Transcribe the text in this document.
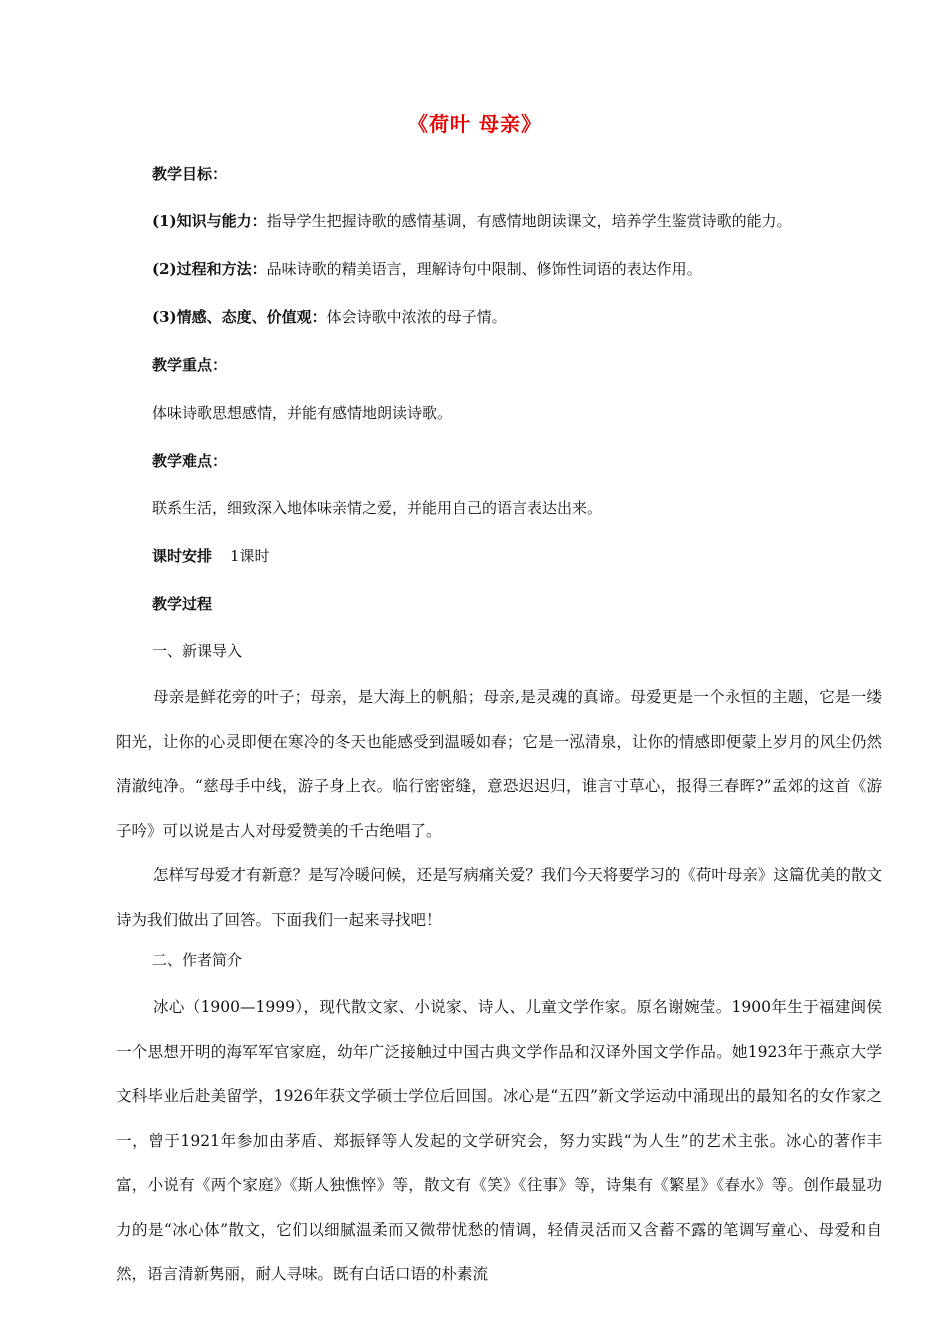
《荷叶 母亲》
教学目标：
(1)知识与能力：指导学生把握诗歌的感情基调，有感情地朗读课文，培养学生鉴赏诗歌的能力。
(2)过程和方法：品味诗歌的精美语言，理解诗句中限制、修饰性词语的表达作用。
(3)情感、态度、价值观：体会诗歌中浓浓的母子情。
教学重点：
体味诗歌思想感情，并能有感情地朗读诗歌。
教学难点：
联系生活，细致深入地体味亲情之爱，并能用自己的语言表达出来。
课时安排 1课时
教学过程
一、新课导入

母亲是鲜花旁的叶子；母亲，是大海上的帆船；母亲,是灵魂的真谛。母爱更是一个永恒的主题，它是一缕阳光，让你的心灵即便在寒冷的冬天也能感受到温暖如春；它是一泓清泉，让你的情感即便蒙上岁月的风尘仍然清澈纯净。“慈母手中线，游子身上衣。临行密密缝，意恐迟迟归，谁言寸草心，报得三春晖?”孟郊的这首《游子吟》可以说是古人对母爱赞美的千古绝唱了。

怎样写母爱才有新意？是写冷暖问候，还是写病痛关爱？我们今天将要学习的《荷叶母亲》这篇优美的散文诗为我们做出了回答。下面我们一起来寻找吧！

二、作者简介

冰心（1900—1999），现代散文家、小说家、诗人、儿童文学作家。原名谢婉莹。1900年生于福建闽侯一个思想开明的海军军官家庭，幼年广泛接触过中国古典文学作品和汉译外国文学作品。她1923年于燕京大学文科毕业后赴美留学，1926年获文学硕士学位后回国。冰心是“五四”新文学运动中涌现出的最知名的女作家之一，曾于1921年参加由茅盾、郑振铎等人发起的文学研究会，努力实践“为人生”的艺术主张。冰心的著作丰富，小说有《两个家庭》《斯人独憔悴》等，散文有《笑》《往事》等，诗集有《繁星》《春水》等。创作最显功力的是“冰心体”散文，它们以细腻温柔而又微带忧愁的情调，轻倩灵活而又含蓄不露的笔调写童心、母爱和自然，语言清新隽丽，耐人寻味。既有白话口语的朴素流
